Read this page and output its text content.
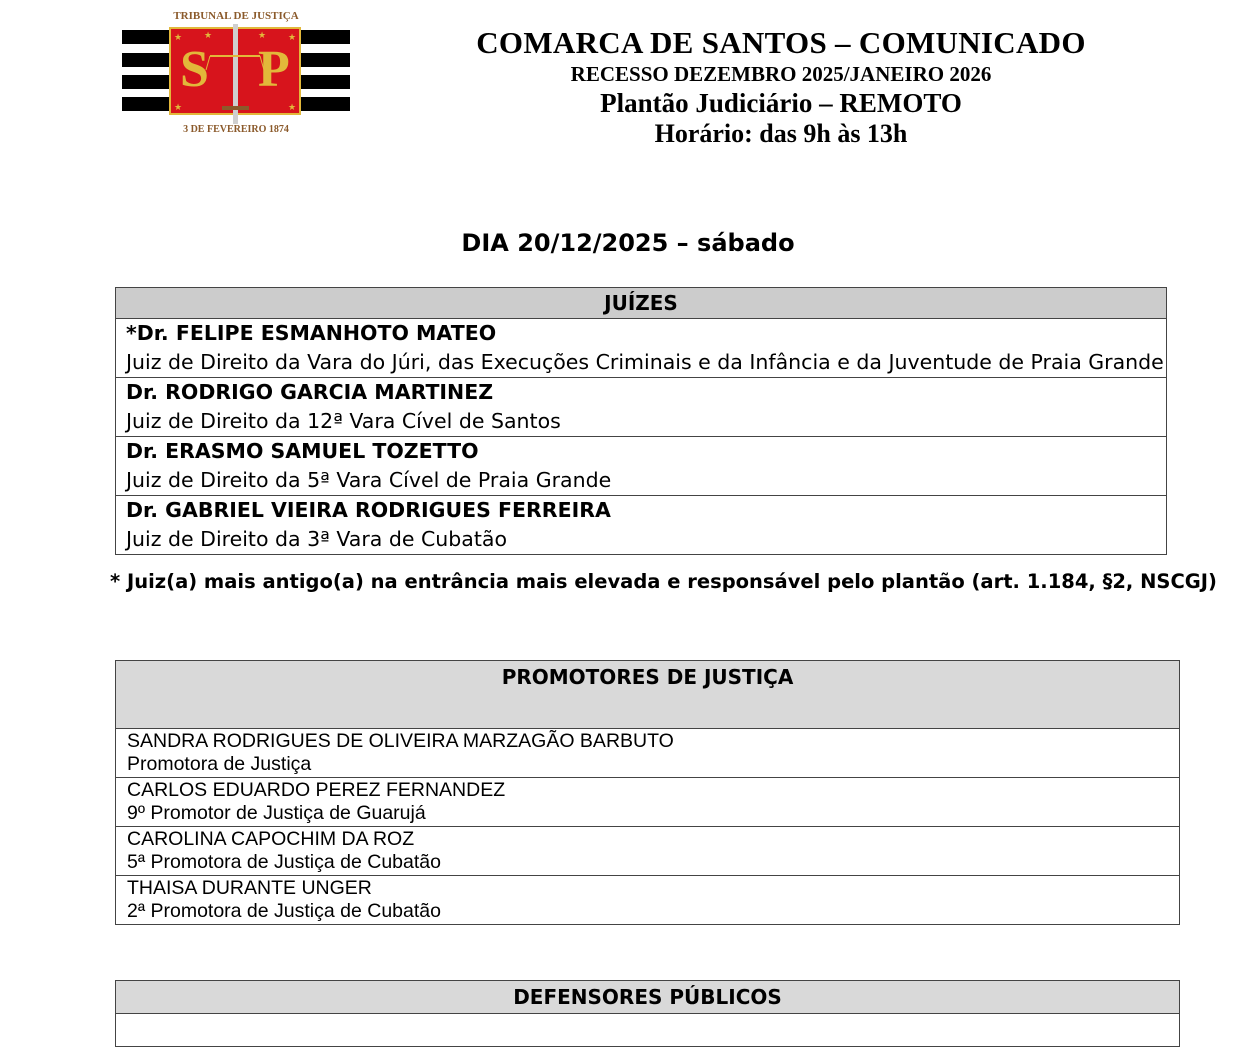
★	★
★	★
★	★
TRIBUNAL DE JUSTIÇA
S P
3 DE FEVEREIRO 1874
COMARCA DE SANTOS – COMUNICADO
RECESSO DEZEMBRO 2025/JANEIRO 2026
Plantão Judiciário – REMOTO
Horário: das 9h às 13h
DIA 20/12/2025 – sábado
JUÍZES

*Dr. FELIPE ESMANHOTO MATEO
Juiz de Direito da Vara do Júri, das Execuções Criminais e da Infância e da Juventude de Praia Grande

Dr. RODRIGO GARCIA MARTINEZ
Juiz de Direito da 12ª Vara Cível de Santos

Dr. ERASMO SAMUEL TOZETTO
Juiz de Direito da 5ª Vara Cível de Praia Grande

Dr. GABRIEL VIEIRA RODRIGUES FERREIRA
Juiz de Direito da 3ª Vara de Cubatão
* Juiz(a) mais antigo(a) na entrância mais elevada e responsável pelo plantão (art. 1.184, §2, NSCGJ)
PROMOTORES DE JUSTIÇA

SANDRA RODRIGUES DE OLIVEIRA MARZAGÃO BARBUTO
Promotora de Justiça

CARLOS EDUARDO PEREZ FERNANDEZ
9º Promotor de Justiça de Guarujá

CAROLINA CAPOCHIM DA ROZ
5ª Promotora de Justiça de Cubatão

THAISA DURANTE UNGER
2ª Promotora de Justiça de Cubatão
DEFENSORES PÚBLICOS
